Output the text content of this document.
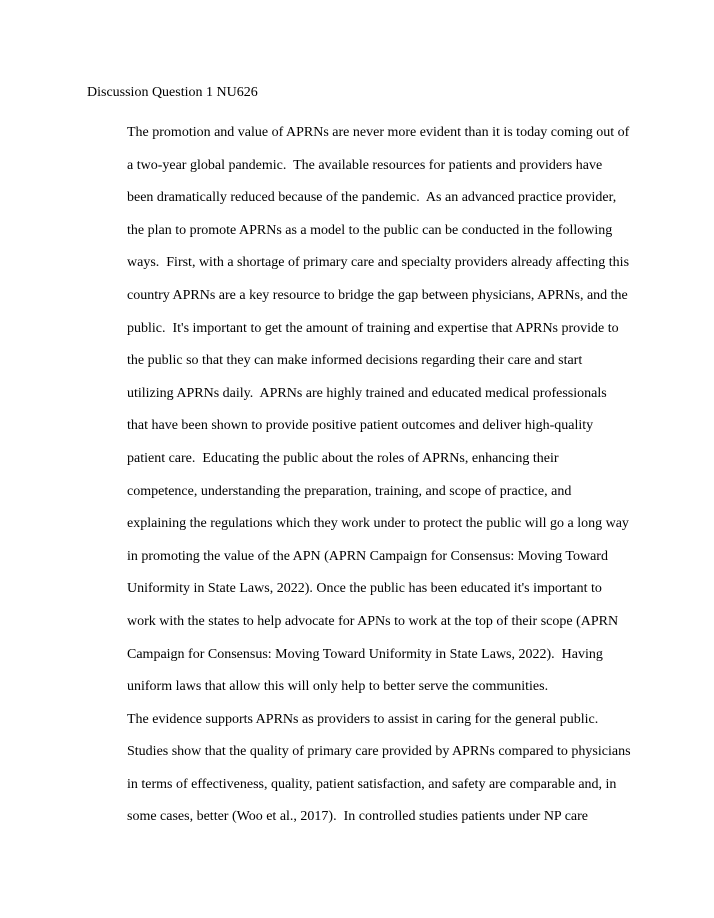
Discussion Question 1 NU626
The promotion and value of APRNs are never more evident than it is today coming out of
a two-year global pandemic.  The available resources for patients and providers have
been dramatically reduced because of the pandemic.  As an advanced practice provider,
the plan to promote APRNs as a model to the public can be conducted in the following
ways.  First, with a shortage of primary care and specialty providers already affecting this
country APRNs are a key resource to bridge the gap between physicians, APRNs, and the
public.  It's important to get the amount of training and expertise that APRNs provide to
the public so that they can make informed decisions regarding their care and start
utilizing APRNs daily.  APRNs are highly trained and educated medical professionals
that have been shown to provide positive patient outcomes and deliver high-quality
patient care.  Educating the public about the roles of APRNs, enhancing their
competence, understanding the preparation, training, and scope of practice, and
explaining the regulations which they work under to protect the public will go a long way
in promoting the value of the APN (APRN Campaign for Consensus: Moving Toward
Uniformity in State Laws, 2022). Once the public has been educated it's important to
work with the states to help advocate for APNs to work at the top of their scope (APRN
Campaign for Consensus: Moving Toward Uniformity in State Laws, 2022).  Having
uniform laws that allow this will only help to better serve the communities.
The evidence supports APRNs as providers to assist in caring for the general public.
Studies show that the quality of primary care provided by APRNs compared to physicians
in terms of effectiveness, quality, patient satisfaction, and safety are comparable and, in
some cases, better (Woo et al., 2017).  In controlled studies patients under NP care
